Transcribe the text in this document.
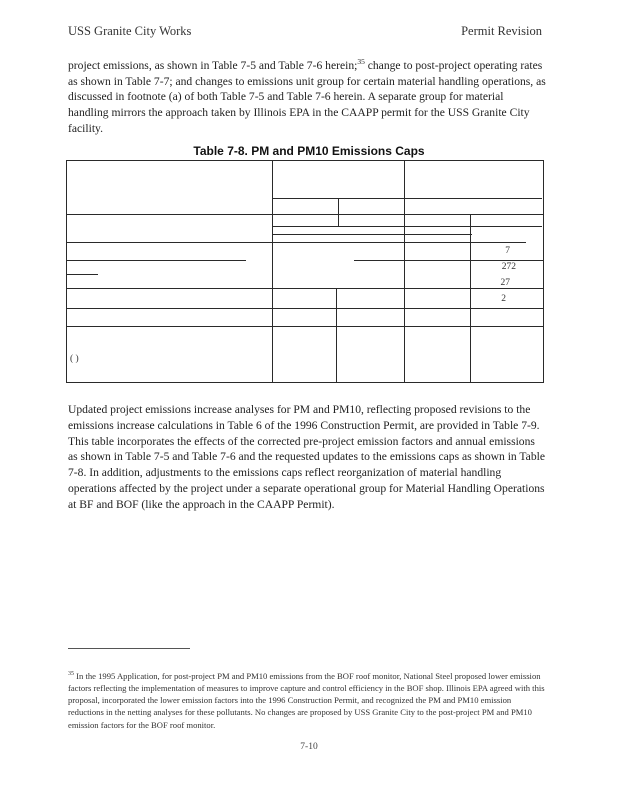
USS Granite City Works	Permit Revision
project emissions, as shown in Table 7-5 and Table 7-6 herein;$^{35}$ change to post-project operating rates as shown in Table 7-7; and changes to emissions unit group for certain material handling operations, as discussed in footnote (a) of both Table 7-5 and Table 7-6 herein. A separate group for material handling mirrors the approach taken by Illinois EPA in the CAAPP permit for the USS Granite City facility.
Table 7-8. PM and PM10 Emissions Caps
7
272
27
2
( )
Updated project emissions increase analyses for PM and PM10, reflecting proposed revisions to the emissions increase calculations in Table 6 of the 1996 Construction Permit, are provided in Table 7-9. This table incorporates the effects of the corrected pre-project emission factors and annual emissions as shown in Table 7-5 and Table 7-6 and the requested updates to the emissions caps as shown in Table 7-8. In addition, adjustments to the emissions caps reflect reorganization of material handling operations affected by the project under a separate operational group for Material Handling Operations at BF and BOF (like the approach in the CAAPP Permit).
$^{35}$ In the 1995 Application, for post-project PM and PM10 emissions from the BOF roof monitor, National Steel proposed lower emission factors reflecting the implementation of measures to improve capture and control efficiency in the BOF shop. Illinois EPA agreed with this proposal, incorporated the lower emission factors into the 1996 Construction Permit, and recognized the PM and PM10 emission reductions in the netting analyses for these pollutants. No changes are proposed by USS Granite City to the post-project PM and PM10 emission factors for the BOF roof monitor.
7-10
